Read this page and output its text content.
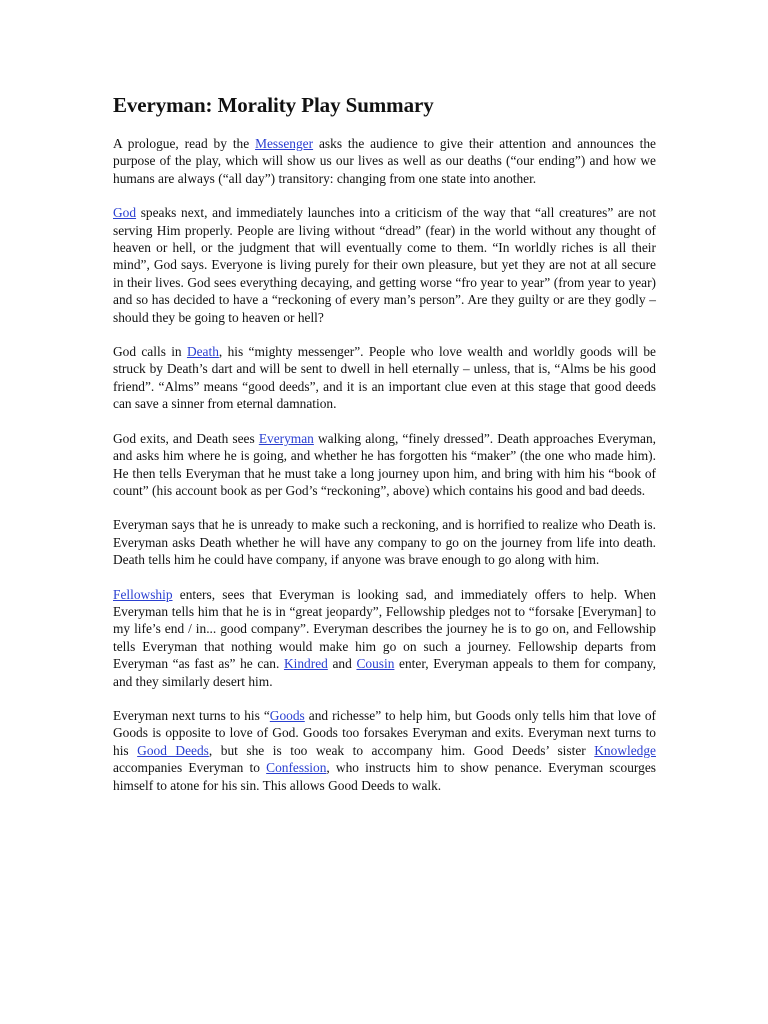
Everyman: Morality Play Summary

A prologue, read by the Messenger asks the audience to give their attention and announces the purpose of the play, which will show us our lives as well as our deaths (“our ending”) and how we humans are always (“all day”) transitory: changing from one state into another.

God speaks next, and immediately launches into a criticism of the way that “all creatures” are not serving Him properly. People are living without “dread” (fear) in the world without any thought of heaven or hell, or the judgment that will eventually come to them. “In worldly riches is all their mind”, God says. Everyone is living purely for their own pleasure, but yet they are not at all secure in their lives. God sees everything decaying, and getting worse “fro year to year” (from year to year) and so has decided to have a “reckoning of every man’s person”. Are they guilty or are they godly – should they be going to heaven or hell?

God calls in Death, his “mighty messenger”. People who love wealth and worldly goods will be struck by Death’s dart and will be sent to dwell in hell eternally – unless, that is, “Alms be his good friend”. “Alms” means “good deeds”, and it is an important clue even at this stage that good deeds can save a sinner from eternal damnation.

God exits, and Death sees Everyman walking along, “finely dressed”. Death approaches Everyman, and asks him where he is going, and whether he has forgotten his “maker” (the one who made him). He then tells Everyman that he must take a long journey upon him, and bring with him his “book of count” (his account book as per God’s “reckoning”, above) which contains his good and bad deeds.

Everyman says that he is unready to make such a reckoning, and is horrified to realize who Death is. Everyman asks Death whether he will have any company to go on the journey from life into death. Death tells him he could have company, if anyone was brave enough to go along with him.

Fellowship enters, sees that Everyman is looking sad, and immediately offers to help. When Everyman tells him that he is in “great jeopardy”, Fellowship pledges not to “forsake [Everyman] to my life’s end / in... good company”. Everyman describes the journey he is to go on, and Fellowship tells Everyman that nothing would make him go on such a journey. Fellowship departs from Everyman “as fast as” he can. Kindred and Cousin enter, Everyman appeals to them for company, and they similarly desert him.

Everyman next turns to his “Goods and richesse” to help him, but Goods only tells him that love of Goods is opposite to love of God. Goods too forsakes Everyman and exits. Everyman next turns to his Good Deeds, but she is too weak to accompany him. Good Deeds’ sister Knowledge accompanies Everyman to Confession, who instructs him to show penance. Everyman scourges himself to atone for his sin. This allows Good Deeds to walk.
